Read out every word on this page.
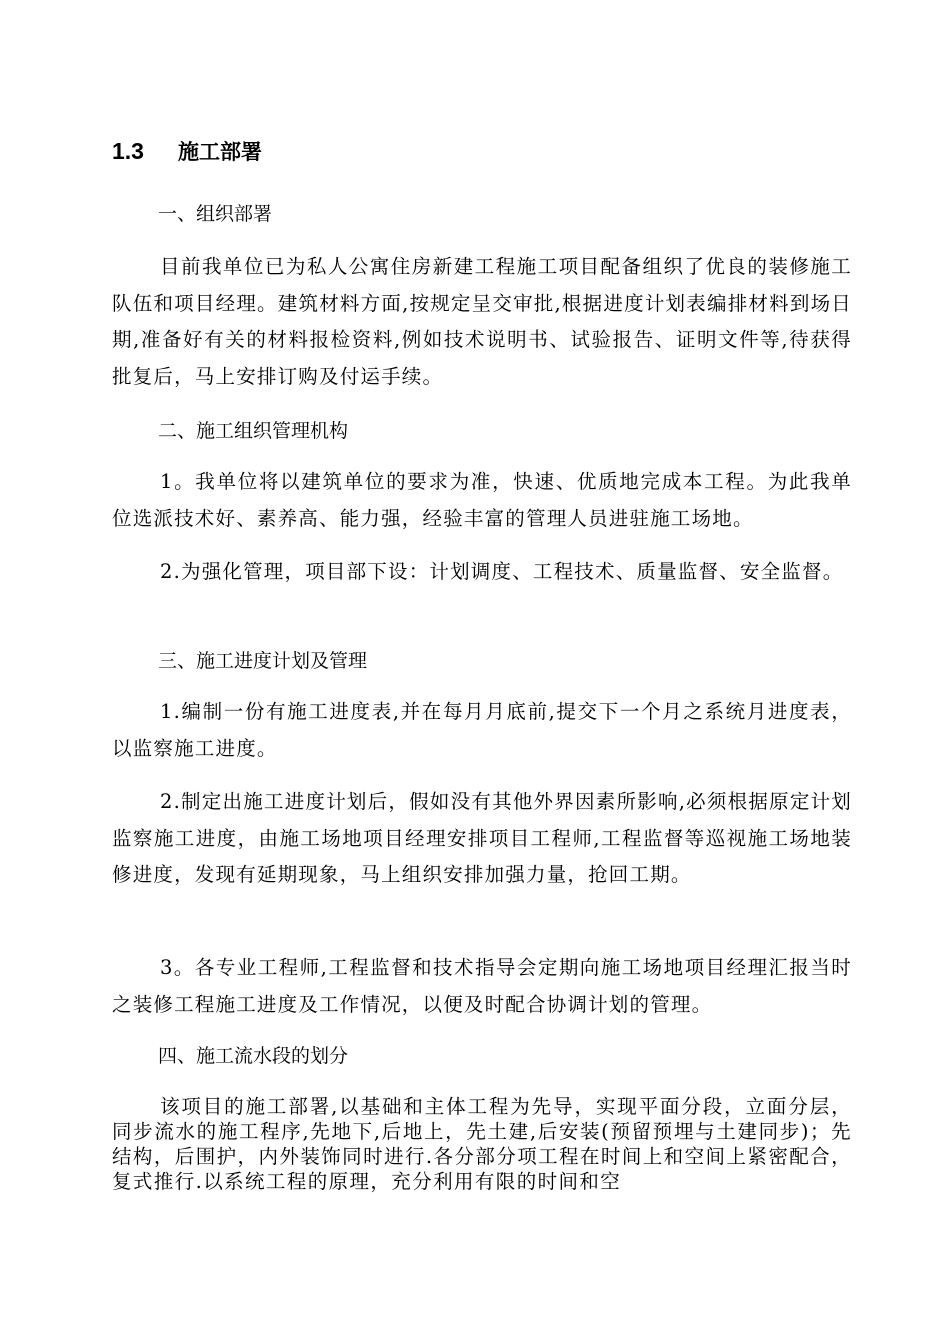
1.3 施工部署
一、组织部署
目前我单位已为私人公寓住房新建工程施工项目配备组织了优良的装修施工队伍和项目经理。建筑材料方面,按规定呈交审批,根据进度计划表编排材料到场日期,准备好有关的材料报检资料,例如技术说明书、试验报告、证明文件等,待获得批复后，马上安排订购及付运手续。
二、施工组织管理机构
1。我单位将以建筑单位的要求为准，快速、优质地完成本工程。为此我单位选派技术好、素养高、能力强，经验丰富的管理人员进驻施工场地。
2.为强化管理，项目部下设：计划调度、工程技术、质量监督、安全监督。
三、施工进度计划及管理
1.编制一份有施工进度表,并在每月月底前,提交下一个月之系统月进度表，以监察施工进度。
2.制定出施工进度计划后，假如没有其他外界因素所影响,必须根据原定计划监察施工进度，由施工场地项目经理安排项目工程师,工程监督等巡视施工场地装修进度，发现有延期现象，马上组织安排加强力量，抢回工期。
3。各专业工程师,工程监督和技术指导会定期向施工场地项目经理汇报当时之装修工程施工进度及工作情况，以便及时配合协调计划的管理。
四、施工流水段的划分
该项目的施工部署,以基础和主体工程为先导，实现平面分段，立面分层，同步流水的施工程序,先地下,后地上，先土建,后安装(预留预埋与土建同步)；先结构，后围护，内外装饰同时进行.各分部分项工程在时间上和空间上紧密配合，复式推行.以系统工程的原理，充分利用有限的时间和空
